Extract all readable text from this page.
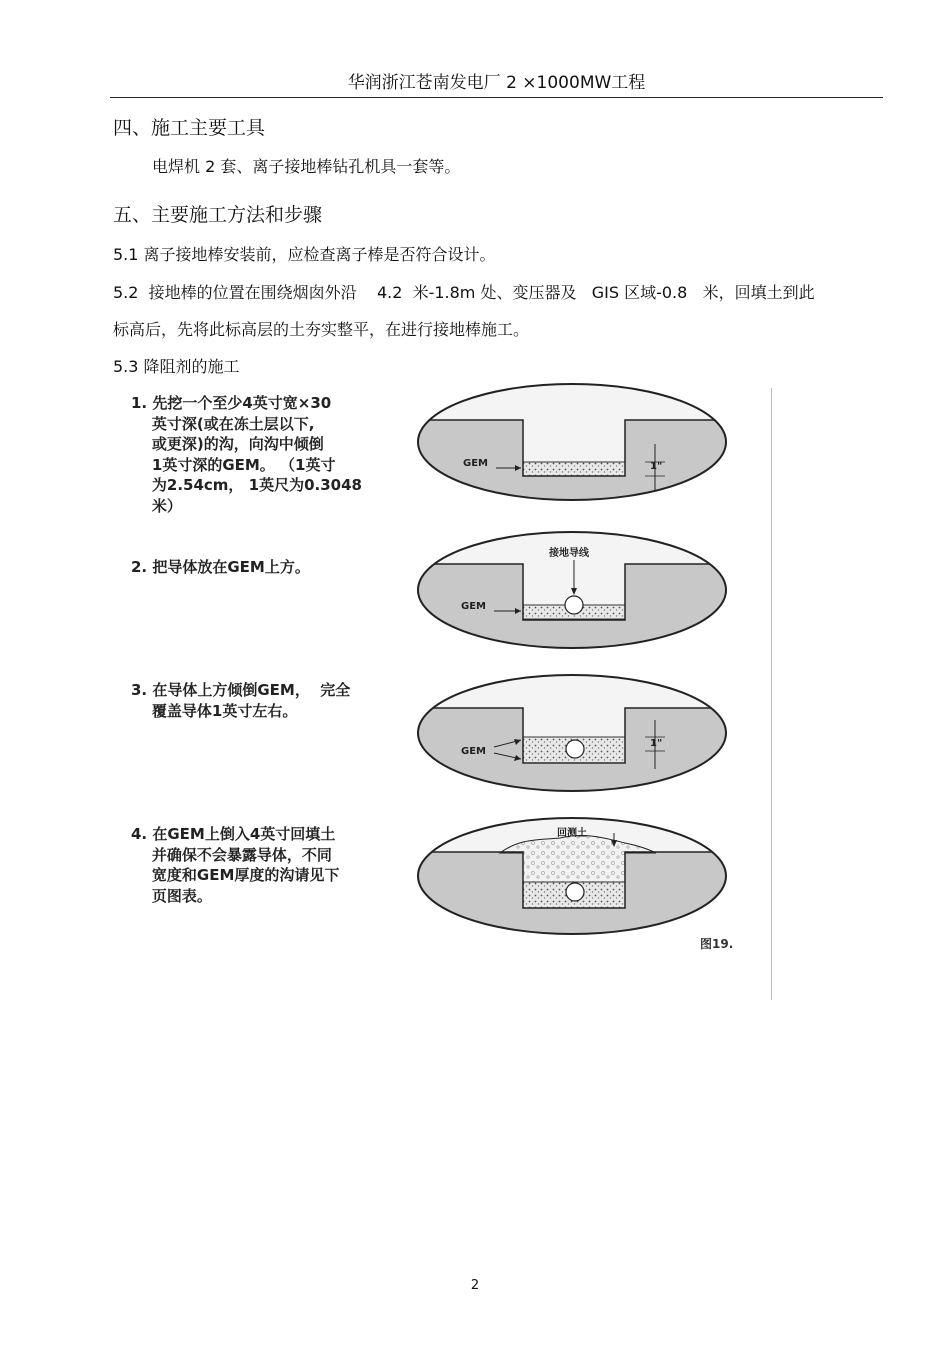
华润浙江苍南发电厂 2 ×1000MW工程
四、施工主要工具
电焊机 2 套、离子接地棒钻孔机具一套等。
五、主要施工方法和步骤
5.1 离子接地棒安装前，应检查离子棒是否符合设计。
5.2  接地棒的位置在围绕烟囱外沿    4.2  米-1.8m 处、变压器及   GIS 区域-0.8   米，回填土到此
标高后，先将此标高层的土夯实整平，在进行接地棒施工。
5.3 降阻剂的施工
1. 先挖一个至少4英寸宽×30
英寸深(或在冻土层以下,
或更深)的沟，向沟中倾倒
1英寸深的GEM。 （1英寸
为2.54cm， 1英尺为0.3048
米）
2. 把导体放在GEM上方。
3. 在导体上方倾倒GEM，  完全
覆盖导体1英寸左右。
4. 在GEM上倒入4英寸回填土
并确保不会暴露导体，不同
宽度和GEM厚度的沟请见下
页图表。
GEM	1"
接地导线
GEM
GEM
1"
回测土
图19.
2
